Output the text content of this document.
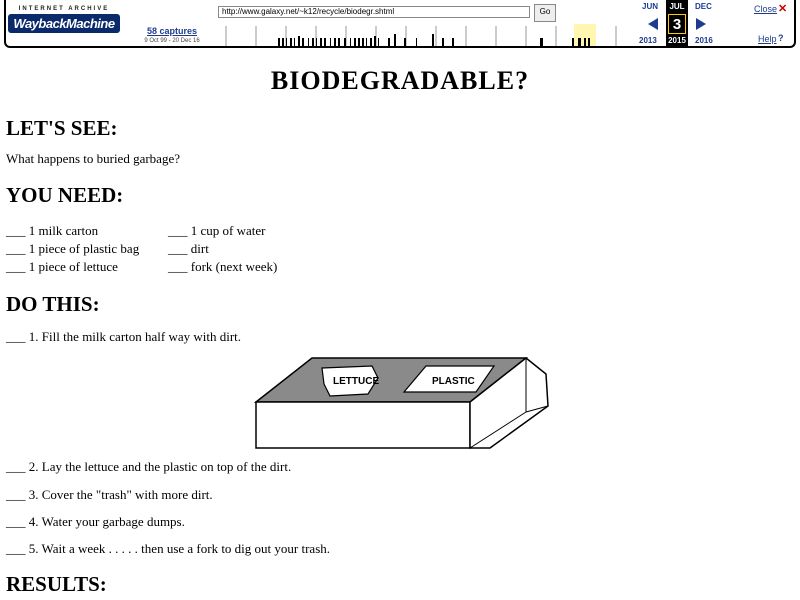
INTERNET ARCHIVE
WaybackMachine	58 captures
9 Oct 99 - 20 Dec 16
http://www.galaxy.net/~k12/recycle/biodegr.shtml	Go
JUN
2013
JUL
3
2015
DEC
2016
Close ✕
Help ?
BIODEGRADABLE?
LET'S SEE:
What happens to buried garbage?
YOU NEED:
___ 1 milk carton
___ 1 piece of plastic bag
___ 1 piece of lettuce
___ 1 cup of water
___ dirt
___ fork (next week)
DO THIS:
___ 1. Fill the milk carton half way with dirt.
LETTUCE	PLASTIC
___ 2. Lay the lettuce and the plastic on top of the dirt.
___ 3. Cover the "trash" with more dirt.
___ 4. Water your garbage dumps.
___ 5. Wait a week . . . . . then use a fork to dig out your trash.
RESULTS:
